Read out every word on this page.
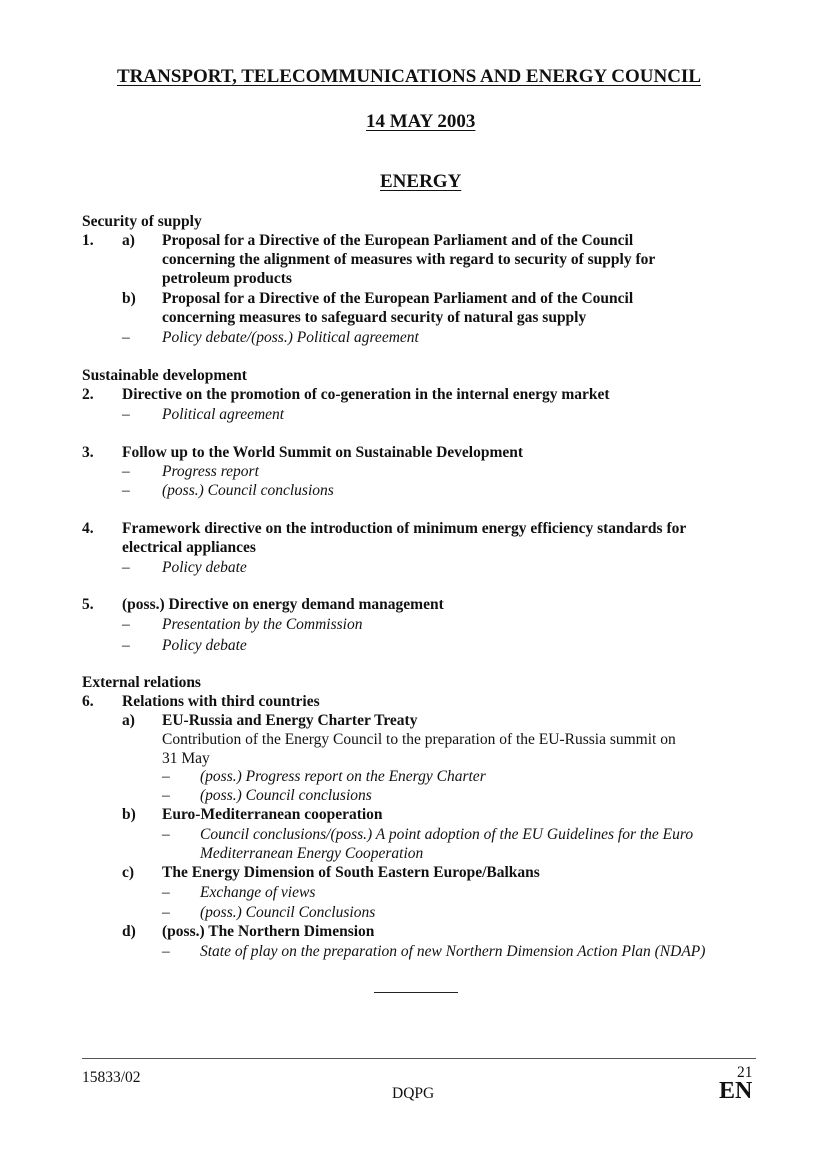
TRANSPORT, TELECOMMUNICATIONS AND ENERGY COUNCIL
14 MAY 2003
ENERGY
Security of supply
1. a) Proposal for a Directive of the European Parliament and of the Council
concerning the alignment of measures with regard to security of supply for
petroleum products
b) Proposal for a Directive of the European Parliament and of the Council
concerning measures to safeguard security of natural gas supply
– Policy debate/(poss.) Political agreement
Sustainable development
2. Directive on the promotion of co-generation in the internal energy market
– Political agreement
3. Follow up to the World Summit on Sustainable Development
– Progress report
– (poss.) Council conclusions
4. Framework directive on the introduction of minimum energy efficiency standards for
electrical appliances
– Policy debate
5. (poss.) Directive on energy demand management
– Presentation by the Commission
– Policy debate
External relations
6. Relations with third countries
a) EU-Russia and Energy Charter Treaty
Contribution of the Energy Council to the preparation of the EU-Russia summit on
31 May
– (poss.) Progress report on the Energy Charter
– (poss.) Council conclusions
b) Euro-Mediterranean cooperation
– Council conclusions/(poss.) A point adoption of the EU Guidelines for the Euro
Mediterranean Energy Cooperation
c) The Energy Dimension of South Eastern Europe/Balkans
– Exchange of views
– (poss.) Council Conclusions
d) (poss.) The Northern Dimension
– State of play on the preparation of new Northern Dimension Action Plan (NDAP)
15833/02
DQPG
21
EN
